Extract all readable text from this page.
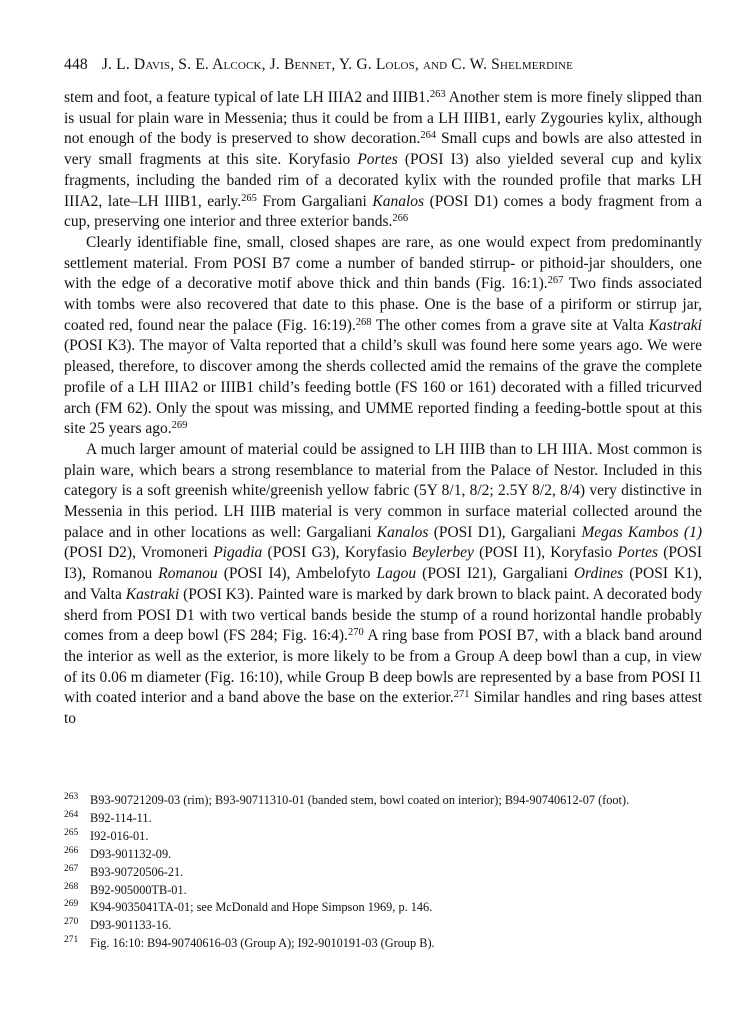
448 J. L. Davis, S. E. Alcock, J. Bennet, Y. G. Lolos, and C. W. Shelmerdine

stem and foot, a feature typical of late LH IIIA2 and IIIB1.$^{263}$ Another stem is more finely slipped than is usual for plain ware in Messenia; thus it could be from a LH IIIB1, early Zygouries kylix, although not enough of the body is preserved to show decoration.$^{264}$ Small cups and bowls are also attested in very small fragments at this site. Koryfasio Portes (POSI I3) also yielded several cup and kylix fragments, including the banded rim of a decorated kylix with the rounded profile that marks LH IIIA2, late–LH IIIB1, early.$^{265}$ From Gargaliani Kanalos (POSI D1) comes a body fragment from a cup, preserving one interior and three exterior bands.$^{266}$

Clearly identifiable fine, small, closed shapes are rare, as one would expect from predominantly settlement material. From POSI B7 come a number of banded stirrup- or pithoid-jar shoulders, one with the edge of a decorative motif above thick and thin bands (Fig. 16:1).$^{267}$ Two finds associated with tombs were also recovered that date to this phase. One is the base of a piriform or stirrup jar, coated red, found near the palace (Fig. 16:19).$^{268}$ The other comes from a grave site at Valta Kastraki (POSI K3). The mayor of Valta reported that a child’s skull was found here some years ago. We were pleased, therefore, to discover among the sherds collected amid the remains of the grave the complete profile of a LH IIIA2 or IIIB1 child’s feeding bottle (FS 160 or 161) decorated with a filled tricurved arch (FM 62). Only the spout was missing, and UMME reported finding a feeding-bottle spout at this site 25 years ago.$^{269}$

A much larger amount of material could be assigned to LH IIIB than to LH IIIA. Most common is plain ware, which bears a strong resemblance to material from the Palace of Nestor. Included in this category is a soft greenish white/greenish yellow fabric (5Y 8/1, 8/2; 2.5Y 8/2, 8/4) very distinctive in Messenia in this period. LH IIIB material is very common in surface material collected around the palace and in other locations as well: Gargaliani Kanalos (POSI D1), Gargaliani Megas Kambos (1) (POSI D2), Vromoneri Pigadia (POSI G3), Koryfasio Beylerbey (POSI I1), Koryfasio Portes (POSI I3), Romanou Romanou (POSI I4), Ambelofyto Lagou (POSI I21), Gargaliani Ordines (POSI K1), and Valta Kastraki (POSI K3). Painted ware is marked by dark brown to black paint. A decorated body sherd from POSI D1 with two vertical bands beside the stump of a round horizontal handle probably comes from a deep bowl (FS 284; Fig. 16:4).$^{270}$ A ring base from POSI B7, with a black band around the interior as well as the exterior, is more likely to be from a Group A deep bowl than a cup, in view of its 0.06 m diameter (Fig. 16:10), while Group B deep bowls are represented by a base from POSI I1 with coated interior and a band above the base on the exterior.$^{271}$ Similar handles and ring bases attest to

263 B93-90721209-03 (rim); B93-90711310-01 (banded stem, bowl coated on interior); B94-90740612-07 (foot).
264 B92-114-11.
265 I92-016-01.
266 D93-901132-09.
267 B93-90720506-21.
268 B92-905000TB-01.
269 K94-9035041TA-01; see McDonald and Hope Simpson 1969, p. 146.
270 D93-901133-16.
271 Fig. 16:10: B94-90740616-03 (Group A); I92-9010191-03 (Group B).
